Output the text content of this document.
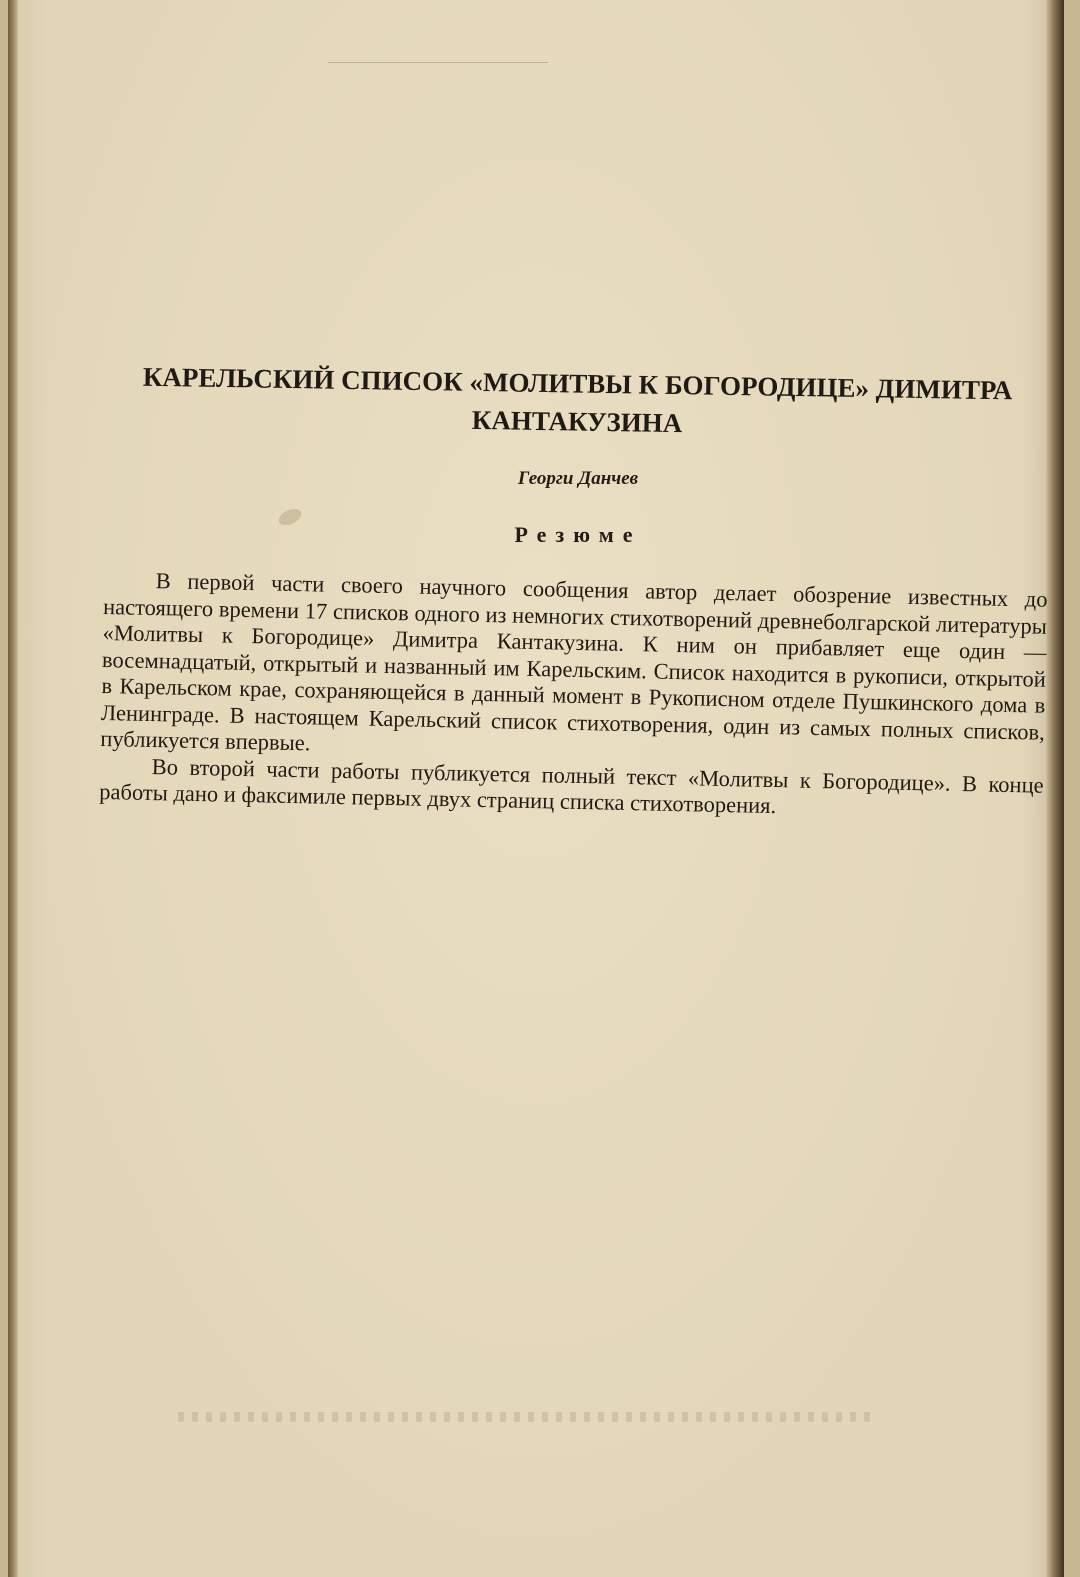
КАРЕЛЬСКИЙ СПИСОК «МОЛИТВЫ К БОГОРОДИЦЕ» ДИМИТРА КАНТАКУЗИНА
Георги Данчев
Резюме

В первой части своего научного сообщения автор делает обозрение известных до настоящего времени 17 списков одного из немногих стихотворений древнеболгарской литературы «Молитвы к Богородице» Димитра Кантакузина. К ним он прибавляет еще один — восемнадцатый, открытый и названный им Карельским. Список находится в рукописи, открытой в Карельском крае, сохраняющейся в данный момент в Рукописном отделе Пушкинского дома в Ленинграде. В настоящем Карельский список стихотворения, один из самых полных списков, публикуется впервые.

Во второй части работы публикуется полный текст «Молитвы к Богородице». В конце работы дано и факсимиле первых двух страниц списка стихотворения.
